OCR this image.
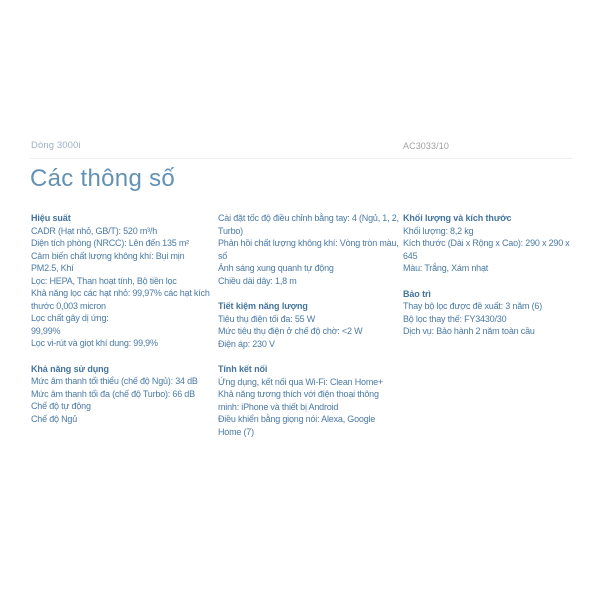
Dòng 3000i	AC3033/10
Các thông số
Hiệu suất
CADR (Hạt nhỏ, GB/T): 520 m³/h
Diện tích phòng (NRCC): Lên đến 135 m²
Cảm biến chất lượng không khí: Bụi mịn PM2.5, Khí
Lọc: HEPA, Than hoạt tính, Bộ tiền lọc
Khả năng lọc các hạt nhỏ: 99,97% các hạt kích thước 0,003 micron
Lọc chất gây dị ứng:
99,99%
Lọc vi-rút và giọt khí dung: 99,9%
Khả năng sử dụng
Mức âm thanh tối thiểu (chế độ Ngủ): 34 dB
Mức âm thanh tối đa (chế độ Turbo): 66 dB
Chế độ tự động
Chế độ Ngủ
Cài đặt tốc độ điều chỉnh bằng tay: 4 (Ngủ, 1, 2, Turbo)
Phản hồi chất lượng không khí: Vòng tròn màu, số
Ánh sáng xung quanh tự động
Chiều dài dây: 1,8 m
Tiết kiệm năng lượng
Tiêu thụ điện tối đa: 55 W
Mức tiêu thụ điện ở chế độ chờ: <2 W
Điện áp: 230 V
Tính kết nối
Ứng dụng, kết nối qua Wi-Fi: Clean Home+
Khả năng tương thích với điện thoại thông minh: iPhone và thiết bị Android
Điều khiển bằng giọng nói: Alexa, Google Home (7)
Khối lượng và kích thước
Khối lượng: 8,2 kg
Kích thước (Dài x Rộng x Cao): 290 x 290 x 645
Màu: Trắng, Xám nhạt
Bảo trì
Thay bộ lọc được đề xuất: 3 năm (6)
Bộ lọc thay thế: FY3430/30
Dịch vụ: Bảo hành 2 năm toàn cầu
